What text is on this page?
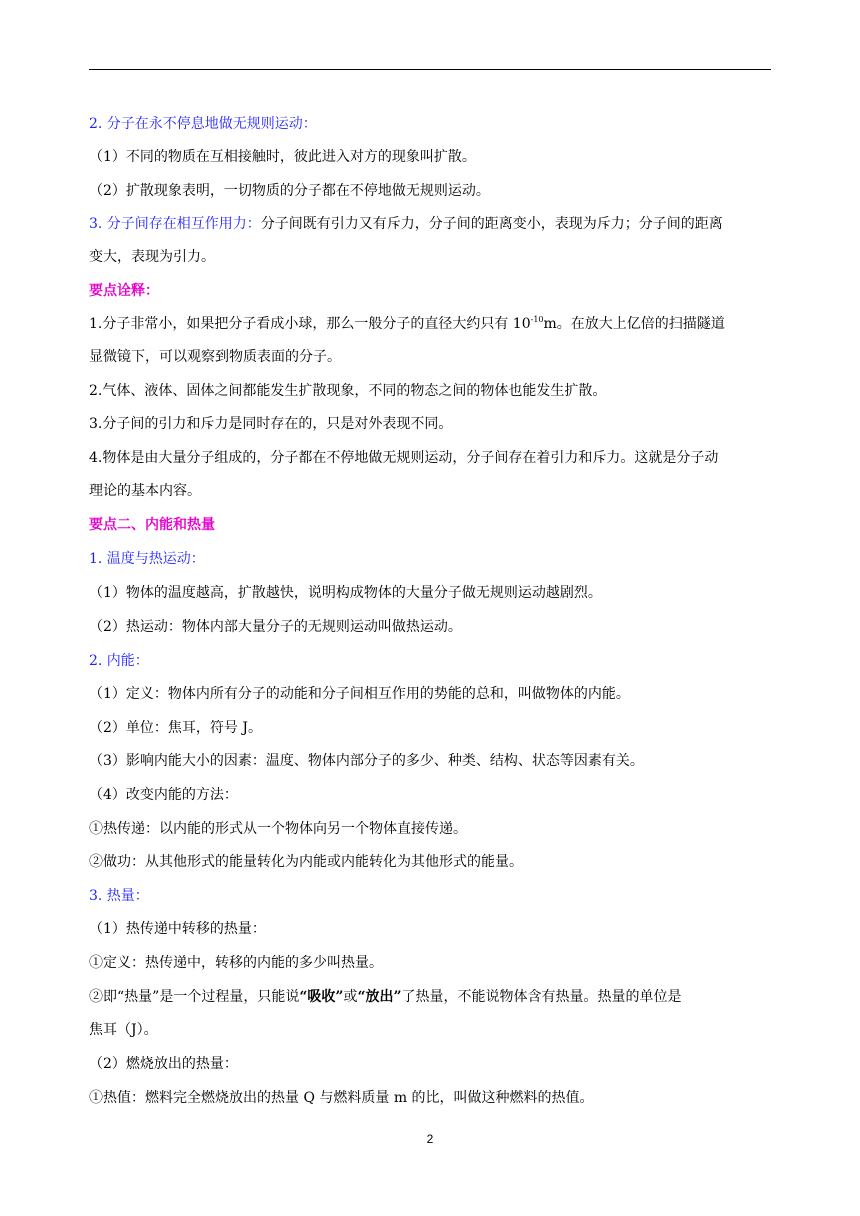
2. 分子在永不停息地做无规则运动：
（1）不同的物质在互相接触时，彼此进入对方的现象叫扩散。
（2）扩散现象表明，一切物质的分子都在不停地做无规则运动。
3. 分子间存在相互作用力：分子间既有引力又有斥力，分子间的距离变小，表现为斥力；分子间的距离
变大，表现为引力。
要点诠释：
1.分子非常小，如果把分子看成小球，那么一般分子的直径大约只有 $10^{-10}m$。在放大上亿倍的扫描隧道
显微镜下，可以观察到物质表面的分子。
2.气体、液体、固体之间都能发生扩散现象，不同的物态之间的物体也能发生扩散。
3.分子间的引力和斥力是同时存在的，只是对外表现不同。
4.物体是由大量分子组成的，分子都在不停地做无规则运动，分子间存在着引力和斥力。这就是分子动
理论的基本内容。
要点二、内能和热量
1. 温度与热运动：
（1）物体的温度越高，扩散越快，说明构成物体的大量分子做无规则运动越剧烈。
（2）热运动：物体内部大量分子的无规则运动叫做热运动。
2. 内能：
（1）定义：物体内所有分子的动能和分子间相互作用的势能的总和，叫做物体的内能。
（2）单位：焦耳，符号 J。
（3）影响内能大小的因素：温度、物体内部分子的多少、种类、结构、状态等因素有关。
（4）改变内能的方法：
①热传递：以内能的形式从一个物体向另一个物体直接传递。
②做功：从其他形式的能量转化为内能或内能转化为其他形式的能量。
3. 热量：
（1）热传递中转移的热量：
①定义：热传递中，转移的内能的多少叫热量。
②即“热量”是一个过程量，只能说“吸收”或“放出”了热量，不能说物体含有热量。热量的单位是
焦耳（J）。
（2）燃烧放出的热量：
①热值：燃料完全燃烧放出的热量 Q 与燃料质量 m 的比，叫做这种燃料的热值。
2
